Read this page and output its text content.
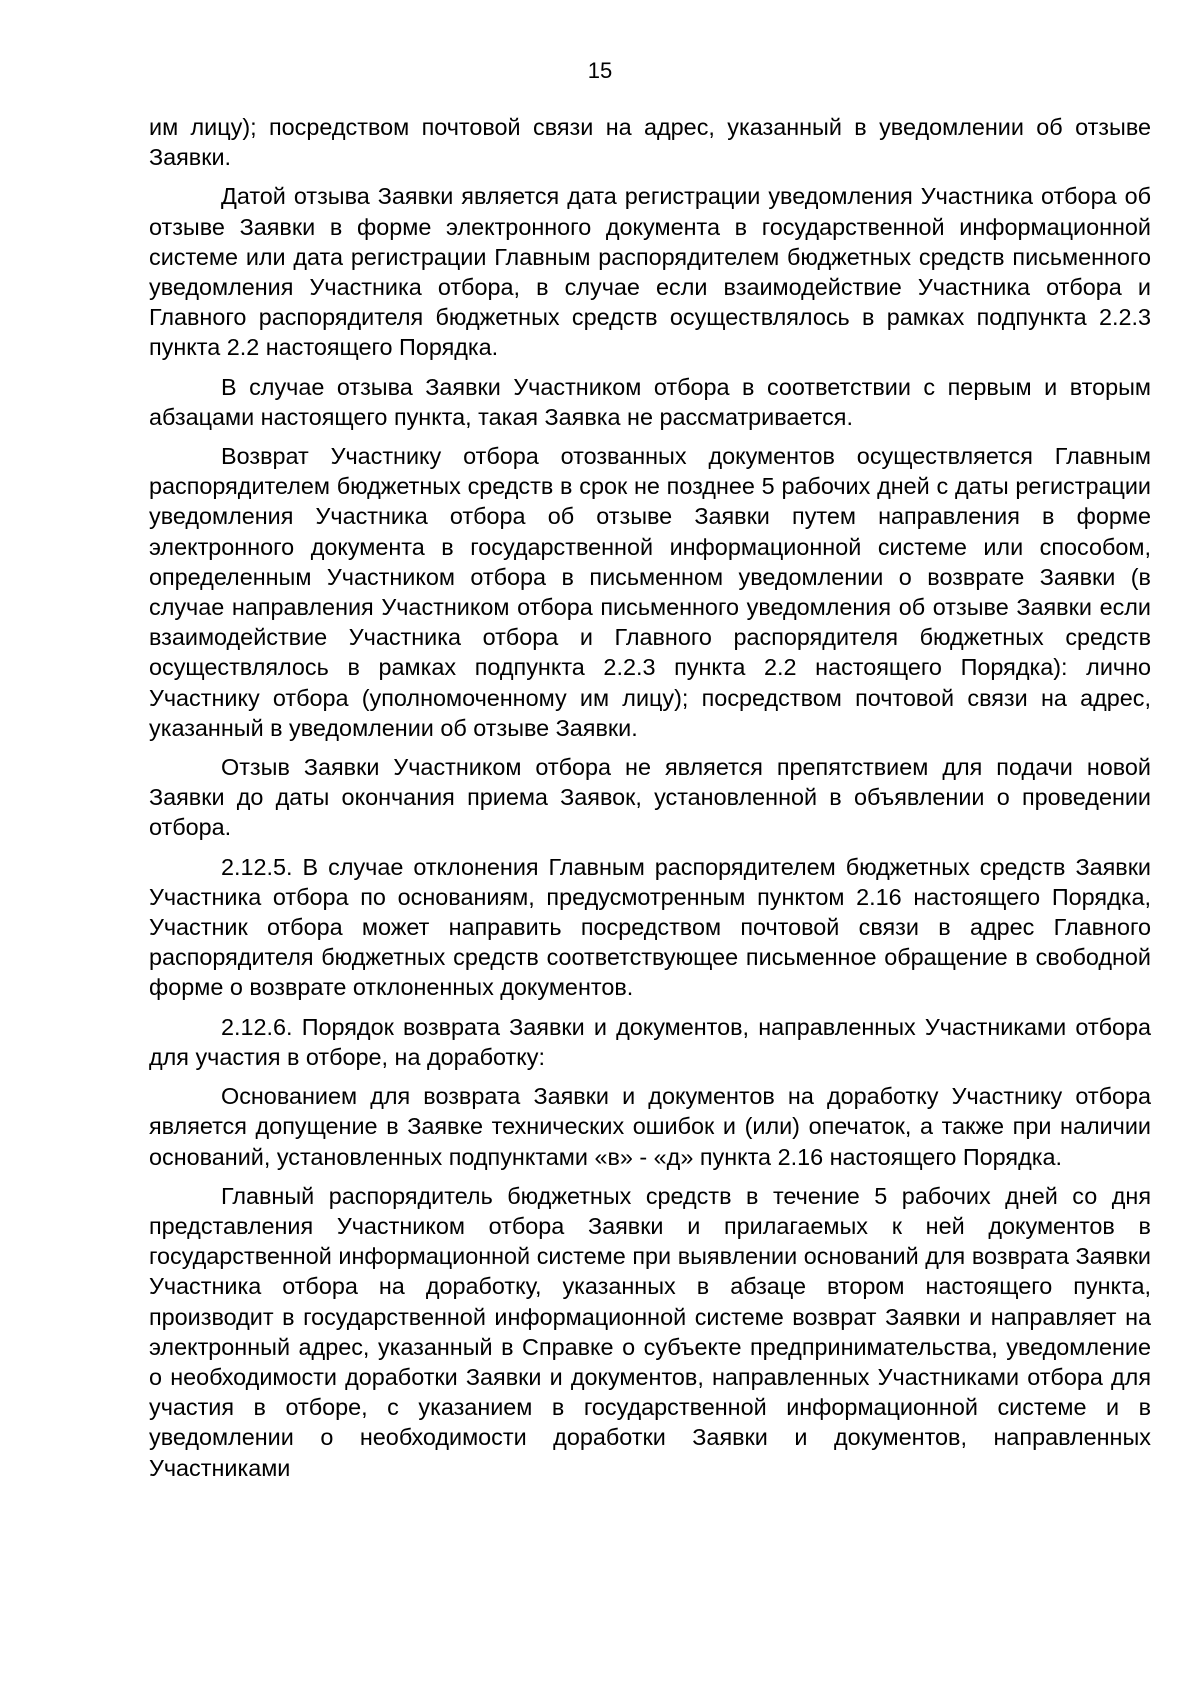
15

им лицу); посредством почтовой связи на адрес, указанный в уведомлении об отзыве Заявки.

Датой отзыва Заявки является дата регистрации уведомления Участника отбора об отзыве Заявки в форме электронного документа в государственной информационной системе или дата регистрации Главным распорядителем бюджетных средств письменного уведомления Участника отбора, в случае если взаимодействие Участника отбора и Главного распорядителя бюджетных средств осуществлялось в рамках подпункта 2.2.3 пункта 2.2 настоящего Порядка.

В случае отзыва Заявки Участником отбора в соответствии с первым и вторым абзацами настоящего пункта, такая Заявка не рассматривается.

Возврат Участнику отбора отозванных документов осуществляется Главным распорядителем бюджетных средств в срок не позднее 5 рабочих дней с даты регистрации уведомления Участника отбора об отзыве Заявки путем направления в форме электронного документа в государственной информационной системе или способом, определенным Участником отбора в письменном уведомлении о возврате Заявки (в случае направления Участником отбора письменного уведомления об отзыве Заявки если взаимодействие Участника отбора и Главного распорядителя бюджетных средств осуществлялось в рамках подпункта 2.2.3 пункта 2.2 настоящего Порядка): лично Участнику отбора (уполномоченному им лицу); посредством почтовой связи на адрес, указанный в уведомлении об отзыве Заявки.

Отзыв Заявки Участником отбора не является препятствием для подачи новой Заявки до даты окончания приема Заявок, установленной в объявлении о проведении отбора.

2.12.5. В случае отклонения Главным распорядителем бюджетных средств Заявки Участника отбора по основаниям, предусмотренным пунктом 2.16 настоящего Порядка, Участник отбора может направить посредством почтовой связи в адрес Главного распорядителя бюджетных средств соответствующее письменное обращение в свободной форме о возврате отклоненных документов.

2.12.6. Порядок возврата Заявки и документов, направленных Участниками отбора для участия в отборе, на доработку:

Основанием для возврата Заявки и документов на доработку Участнику отбора является допущение в Заявке технических ошибок и (или) опечаток, а также при наличии оснований, установленных подпунктами «в» - «д» пункта 2.16 настоящего Порядка.

Главный распорядитель бюджетных средств в течение 5 рабочих дней со дня представления Участником отбора Заявки и прилагаемых к ней документов в государственной информационной системе при выявлении оснований для возврата Заявки Участника отбора на доработку, указанных в абзаце втором настоящего пункта, производит в государственной информационной системе возврат Заявки и направляет на электронный адрес, указанный в Справке о субъекте предпринимательства, уведомление о необходимости доработки Заявки и документов, направленных Участниками отбора для участия в отборе, с указанием в государственной информационной системе и в уведомлении о необходимости доработки Заявки и документов, направленных Участниками
